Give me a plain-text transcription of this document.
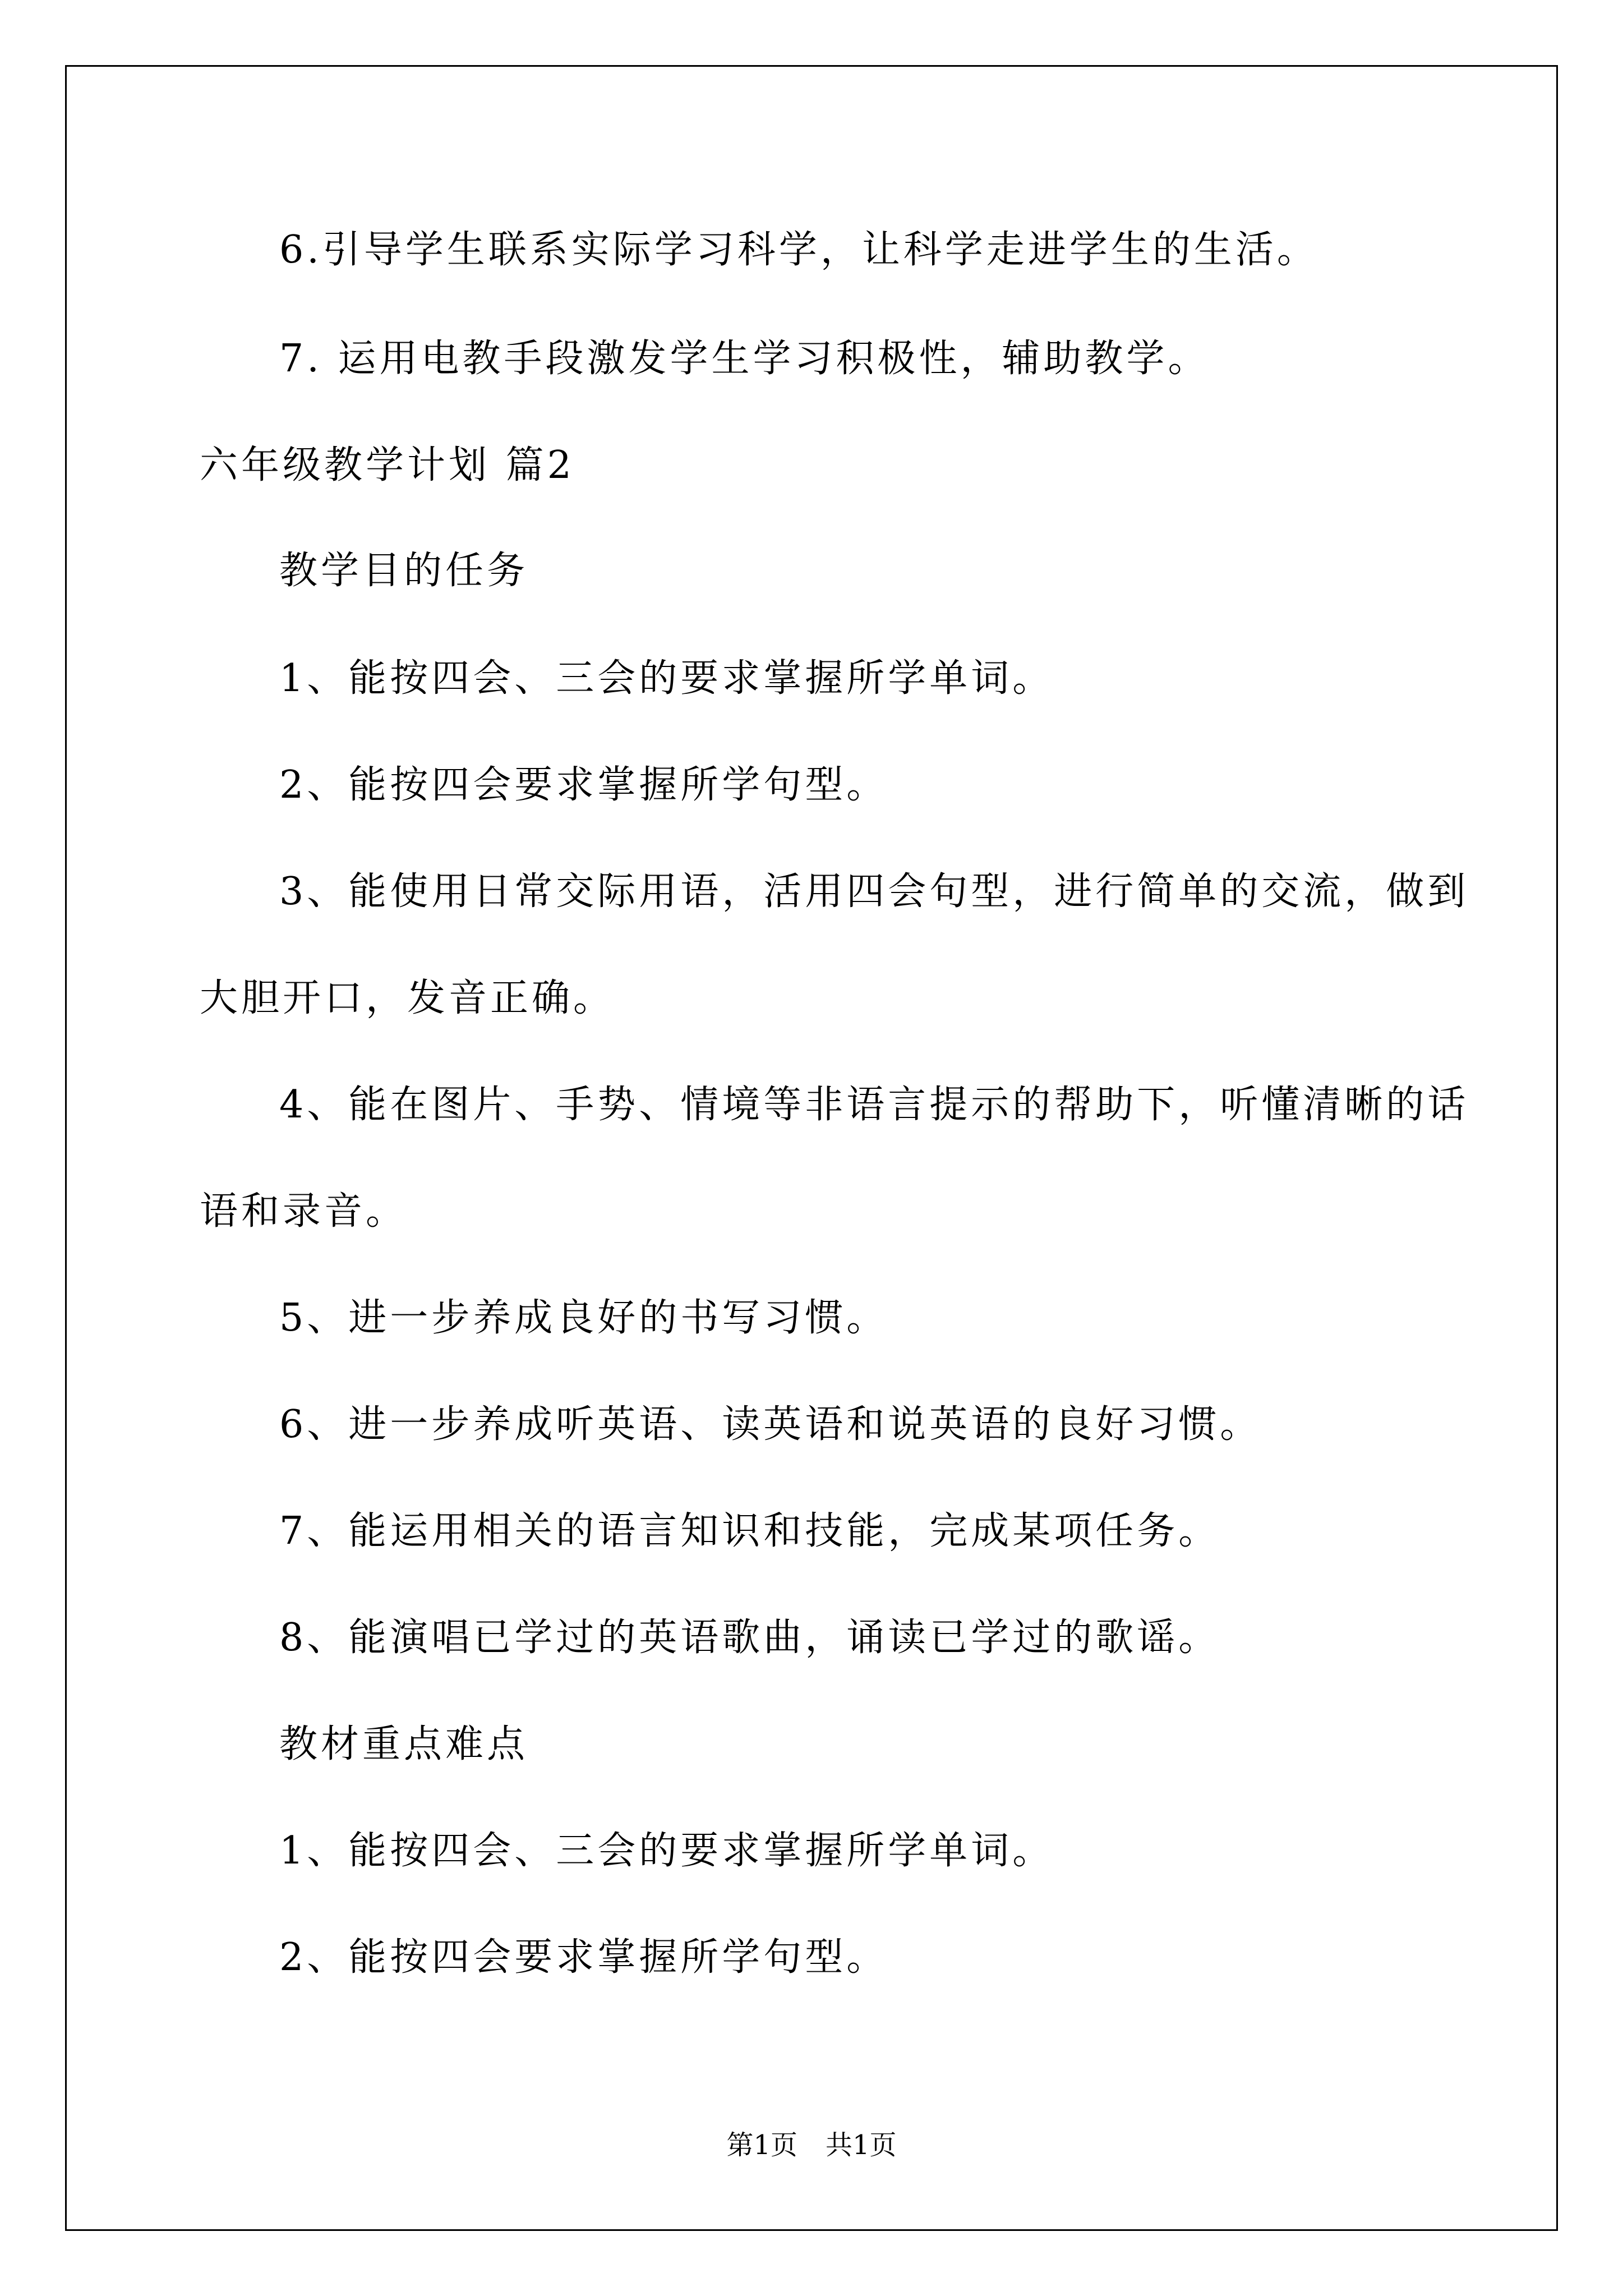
6.引导学生联系实际学习科学，让科学走进学生的生活。
7. 运用电教手段激发学生学习积极性，辅助教学。
六年级教学计划 篇2
教学目的任务
1、能按四会、三会的要求掌握所学单词。
2、能按四会要求掌握所学句型。
3、能使用日常交际用语，活用四会句型，进行简单的交流，做到
大胆开口，发音正确。
4、能在图片、手势、情境等非语言提示的帮助下，听懂清晰的话
语和录音。
5、进一步养成良好的书写习惯。
6、进一步养成听英语、读英语和说英语的良好习惯。
7、能运用相关的语言知识和技能，完成某项任务。
8、能演唱已学过的英语歌曲，诵读已学过的歌谣。
教材重点难点
1、能按四会、三会的要求掌握所学单词。
2、能按四会要求掌握所学句型。
第1页 共1页
